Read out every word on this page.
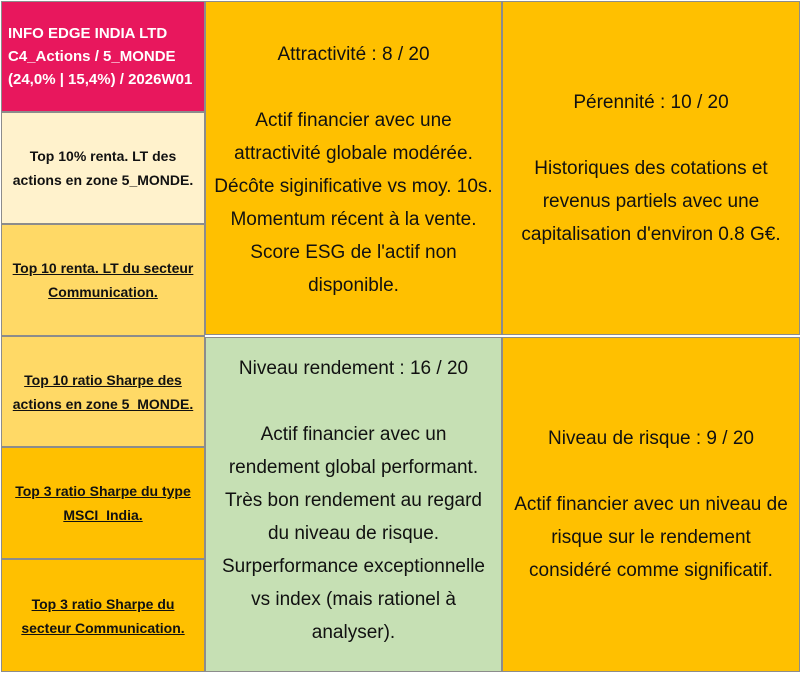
INFO EDGE INDIA LTD
C4_Actions / 5_MONDE
(24,0% | 15,4%) / 2026W01
Top 10% renta. LT des
actions en zone 5_MONDE.
Top 10 renta. LT du secteur
Communication.
Top 10 ratio Sharpe des
actions en zone 5_MONDE.
Top 3 ratio Sharpe du type
MSCI_India.
Top 3 ratio Sharpe du
secteur Communication.
Attractivité : 8 / 20
Actif financier avec une
attractivité globale modérée.
Décôte siginificative vs moy. 10s.
Momentum récent à la vente.
Score ESG de l'actif non
disponible.
Pérennité : 10 / 20
Historiques des cotations et
revenus partiels avec une
capitalisation d'environ 0.8 G€.
Niveau rendement : 16 / 20
Actif financier avec un
rendement global performant.
Très bon rendement au regard
du niveau de risque.
Surperformance exceptionnelle
vs index (mais rationel à
analyser).
Niveau de risque : 9 / 20
Actif financier avec un niveau de
risque sur le rendement
considéré comme significatif.
